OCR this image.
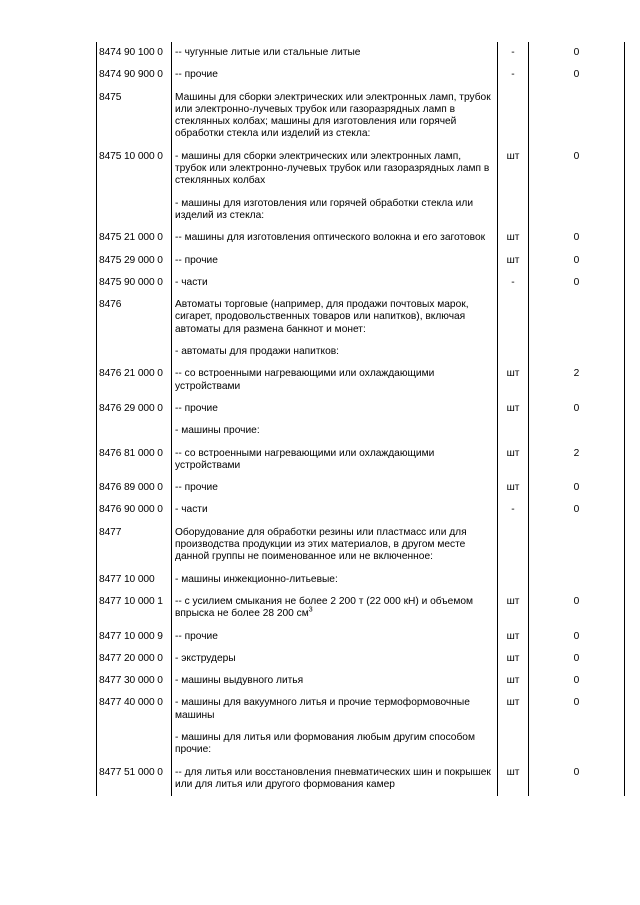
8474 90 100 0	-- чугунные литые или стальные литые	-	0
8474 90 900 0	-- прочие	-	0
8475	Машины для сборки электрических или электронных ламп, трубок или электронно-лучевых трубок или газоразрядных ламп в стеклянных колбах; машины для изготовления или горячей обработки стекла или изделий из стекла:		
8475 10 000 0	- машины для сборки электрических или электронных ламп, трубок или электронно-лучевых трубок или газоразрядных ламп в стеклянных колбах	шт	0
	- машины для изготовления или горячей обработки стекла или изделий из стекла:		
8475 21 000 0	-- машины для изготовления оптического волокна и его заготовок	шт	0
8475 29 000 0	-- прочие	шт	0
8475 90 000 0	- части	-	0
8476	Автоматы торговые (например, для продажи почтовых марок, сигарет, продовольственных товаров или напитков), включая автоматы для размена банкнот и монет:		
	- автоматы для продажи напитков:		
8476 21 000 0	-- со встроенными нагревающими или охлаждающими устройствами	шт	2
8476 29 000 0	-- прочие	шт	0
	- машины прочие:		
8476 81 000 0	-- со встроенными нагревающими или охлаждающими устройствами	шт	2
8476 89 000 0	-- прочие	шт	0
8476 90 000 0	- части	-	0
8477	Оборудование для обработки резины или пластмасс или для производства продукции из этих материалов, в другом месте данной группы не поименованное или не включенное:		
8477 10 000	- машины инжекционно-литьевые:		
8477 10 000 1	-- с усилием смыкания не более 2 200 т (22 000 кН) и объемом впрыска не более 28 200 $см^3$	шт	0
8477 10 000 9	-- прочие	шт	0
8477 20 000 0	- экструдеры	шт	0
8477 30 000 0	- машины выдувного литья	шт	0
8477 40 000 0	- машины для вакуумного литья и прочие термоформовочные машины	шт	0
	- машины для литья или формования любым другим способом прочие:		
8477 51 000 0	-- для литья или восстановления пневматических шин и покрышек или для литья или другого формования камер	шт	0
